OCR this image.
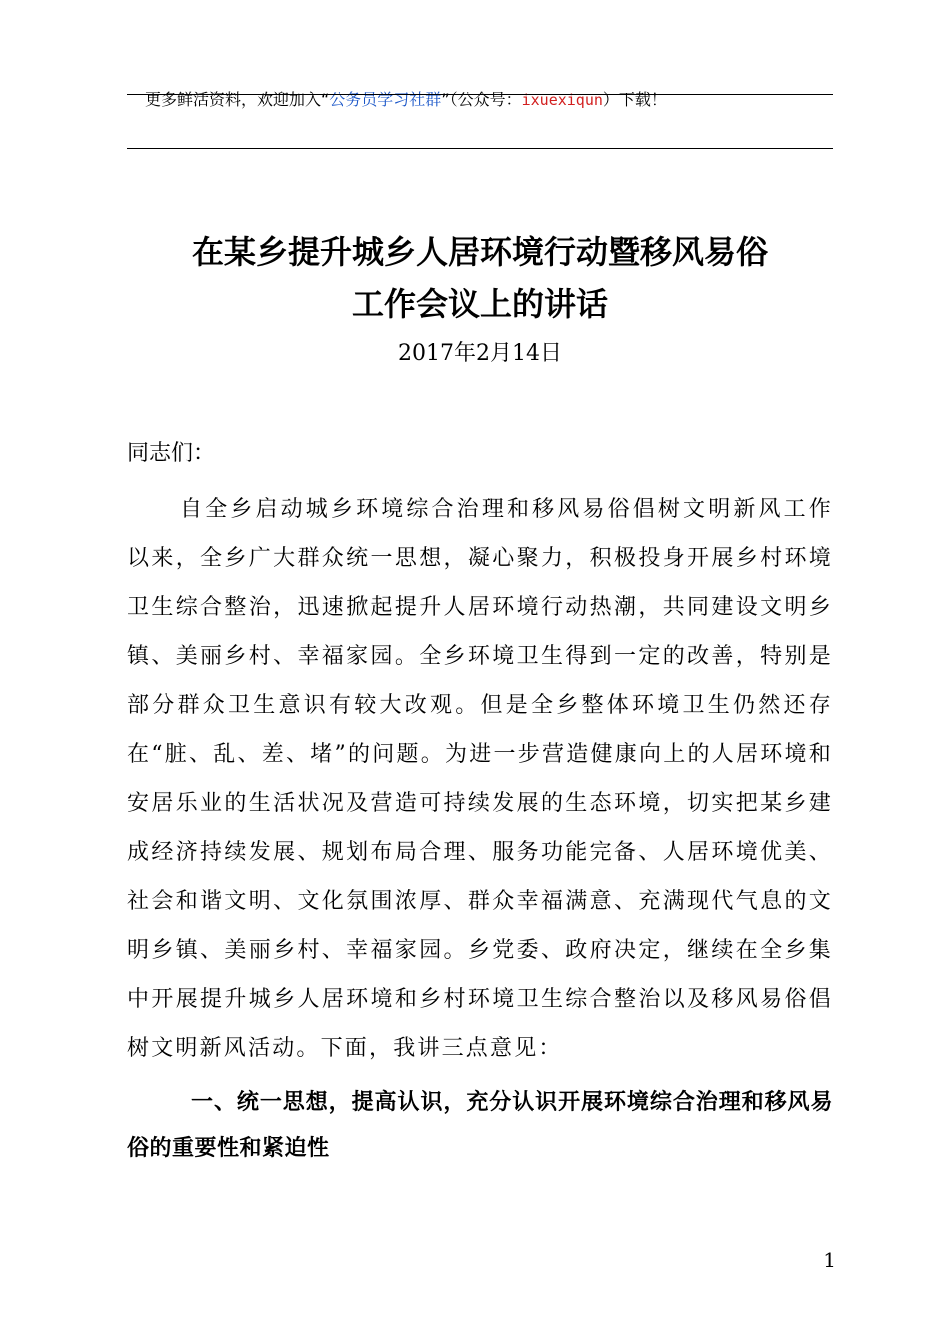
更多鲜活资料，欢迎加入“公务员学习社群”（公众号：ixuexiqun）下载！
在某乡提升城乡人居环境行动暨移风易俗
工作会议上的讲话
2017年2月14日
同志们：
自全乡启动城乡环境综合治理和移风易俗倡树文明新风工作以来，全乡广大群众统一思想，凝心聚力，积极投身开展乡村环境卫生综合整治，迅速掀起提升人居环境行动热潮，共同建设文明乡镇、美丽乡村、幸福家园。全乡环境卫生得到一定的改善，特别是部分群众卫生意识有较大改观。但是全乡整体环境卫生仍然还存在“脏、乱、差、堵”的问题。为进一步营造健康向上的人居环境和安居乐业的生活状况及营造可持续发展的生态环境，切实把某乡建成经济持续发展、规划布局合理、服务功能完备、人居环境优美、社会和谐文明、文化氛围浓厚、群众幸福满意、充满现代气息的文明乡镇、美丽乡村、幸福家园。乡党委、政府决定，继续在全乡集中开展提升城乡人居环境和乡村环境卫生综合整治以及移风易俗倡树文明新风活动。下面，我讲三点意见：
一、统一思想，提高认识，充分认识开展环境综合治理和移风易俗的重要性和紧迫性
1
